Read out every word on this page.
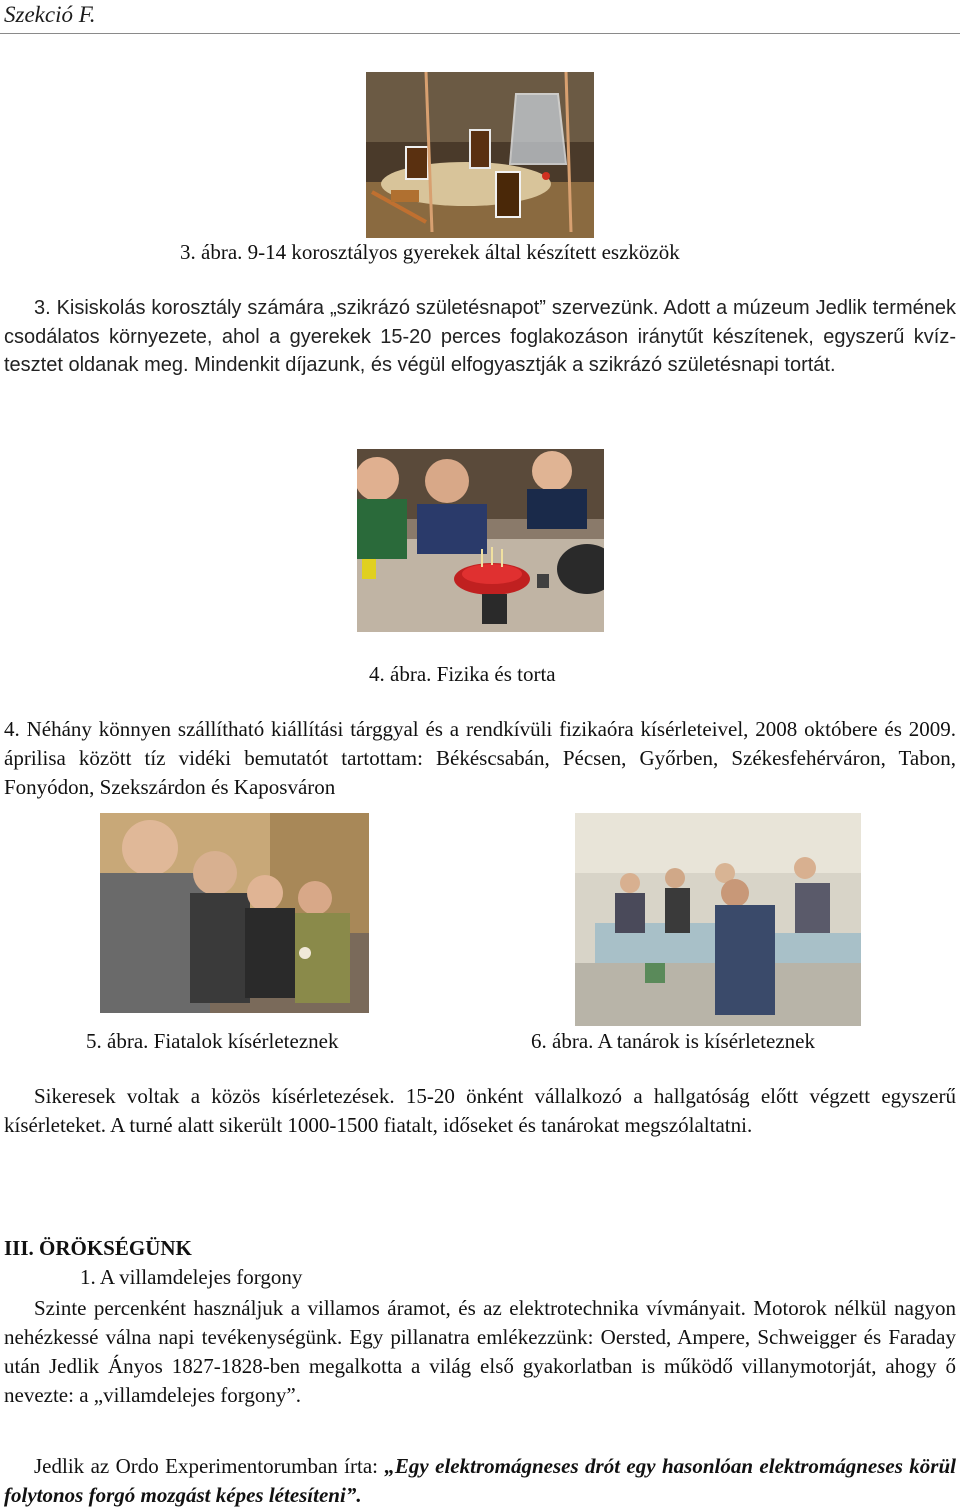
Szekció F.
3. ábra. 9-14 korosztályos gyerekek által készített eszközök

3. Kisiskolás korosztály számára „szikrázó születésnapot” szervezünk. Adott a múzeum Jedlik termének csodálatos környezete, ahol a gyerekek 15-20 perces foglakozáson iránytűt készítenek, egyszerű kvíz-tesztet oldanak meg. Mindenkit díjazunk, és végül elfogyasztják a szikrázó születésnapi tortát.

4. ábra. Fizika és torta

4. Néhány könnyen szállítható kiállítási tárggyal és a rendkívüli fizikaóra kísérleteivel, 2008 októbere és 2009. áprilisa között tíz vidéki bemutatót tartottam: Békéscsabán, Pécsen, Győrben, Székesfehérváron, Tabon, Fonyódon, Szekszárdon és Kaposváron

5. ábra. Fiatalok kísérleteznek	6. ábra. A tanárok is kísérleteznek

Sikeresek voltak a közös kísérletezések. 15-20 önként vállalkozó a hallgatóság előtt végzett egyszerű kísérleteket. A turné alatt sikerült 1000-1500 fiatalt, időseket és tanárokat megszólaltatni.

III. ÖRÖKSÉGÜNK
1. A villamdelejes forgony

Szinte percenként használjuk a villamos áramot, és az elektrotechnika vívmányait. Motorok nélkül nagyon nehézkessé válna napi tevékenységünk. Egy pillanatra emlékezzünk: Oersted, Ampere, Schweigger és Faraday után Jedlik Ányos 1827-1828-ben megalkotta a világ első gyakorlatban is működő villanymotorját, ahogy ő nevezte: a „villamdelejes forgony”.

Jedlik az Ordo Experimentorumban írta: „Egy elektromágneses drót egy hasonlóan elektromágneses körül folytonos forgó mozgást képes létesíteni”.
